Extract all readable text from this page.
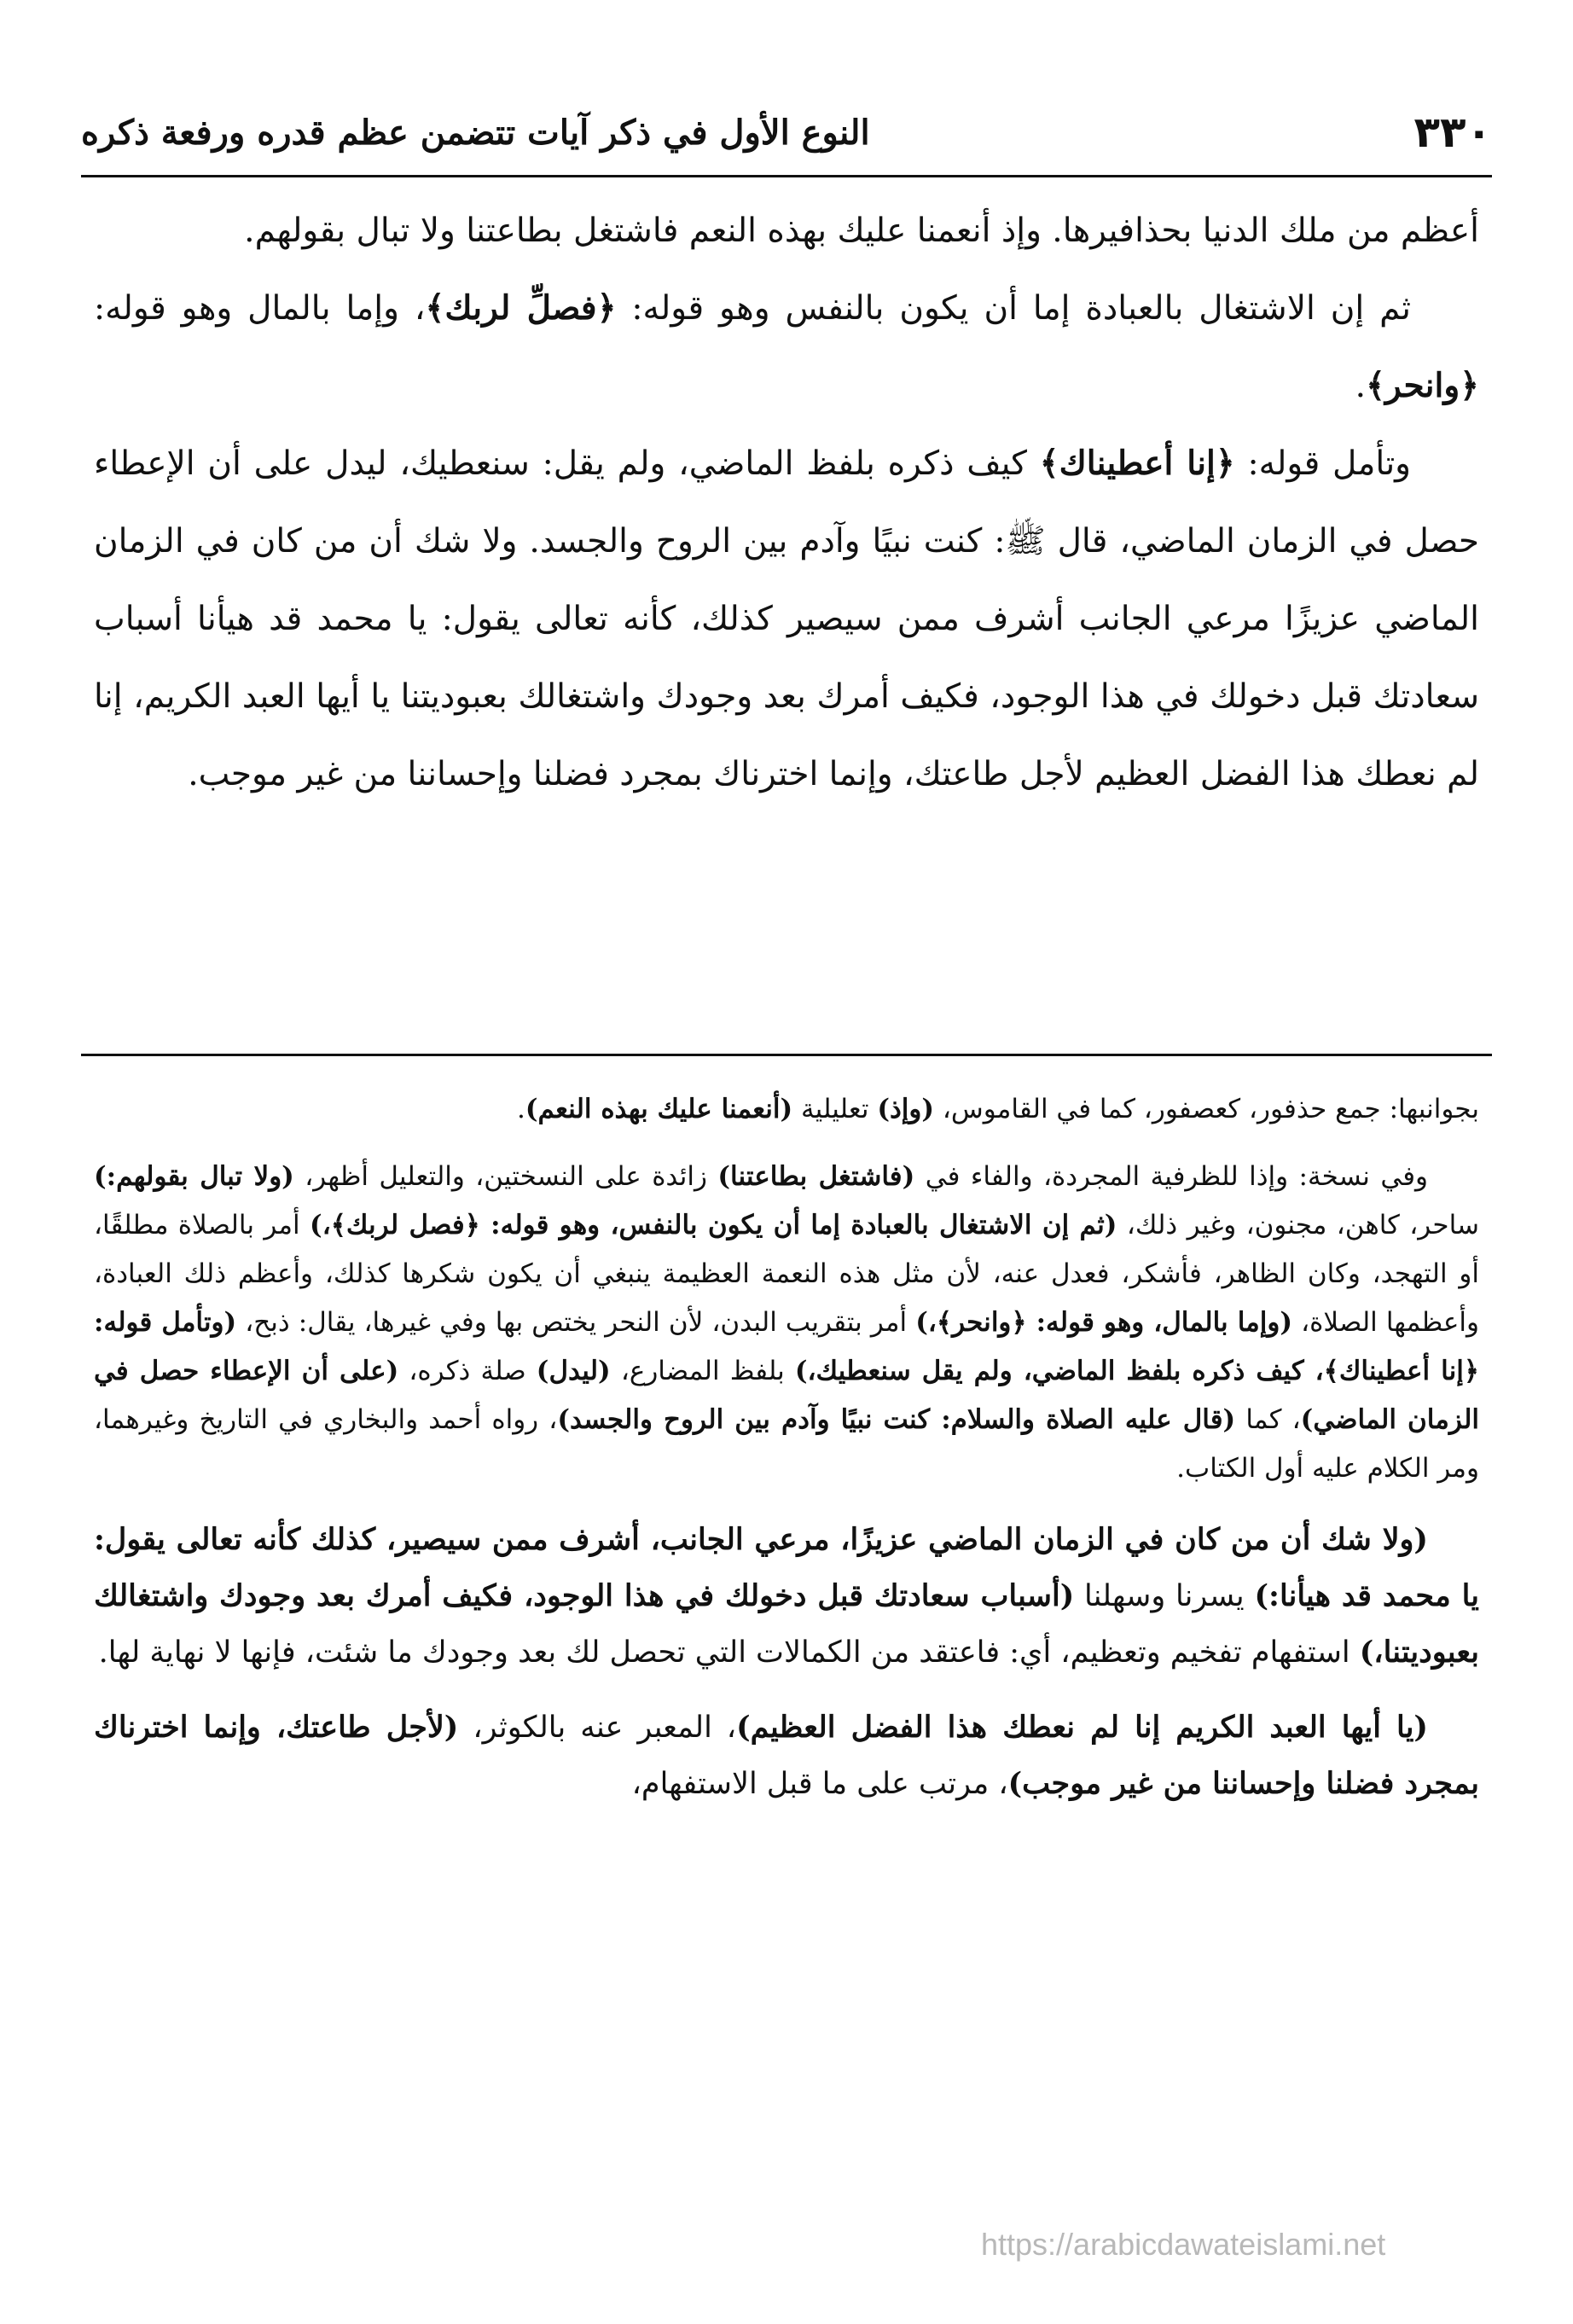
٣٣٠
النوع الأول في ذكر آيات تتضمن عظم قدره ورفعة ذكره

أعظم من ملك الدنيا بحذافيرها. وإذ أنعمنا عليك بهذه النعم فاشتغل بطاعتنا ولا تبال بقولهم.

ثم إن الاشتغال بالعبادة إما أن يكون بالنفس وهو قوله: ﴿فصلِّ لربك﴾، وإما بالمال وهو قوله: ﴿وانحر﴾.

وتأمل قوله: ﴿إنا أعطيناك﴾ كيف ذكره بلفظ الماضي، ولم يقل: سنعطيك، ليدل على أن الإعطاء حصل في الزمان الماضي، قال ﷺ: كنت نبيًا وآدم بين الروح والجسد. ولا شك أن من كان في الزمان الماضي عزيزًا مرعي الجانب أشرف ممن سيصير كذلك، كأنه تعالى يقول: يا محمد قد هيأنا أسباب سعادتك قبل دخولك في هذا الوجود، فكيف أمرك بعد وجودك واشتغالك بعبوديتنا يا أيها العبد الكريم، إنا لم نعطك هذا الفضل العظيم لأجل طاعتك، وإنما اخترناك بمجرد فضلنا وإحساننا من غير موجب.

بجوانبها: جمع حذفور، كعصفور، كما في القاموس، (وإذ) تعليلية (أنعمنا عليك بهذه النعم).

وفي نسخة: وإذا للظرفية المجردة، والفاء في (فاشتغل بطاعتنا) زائدة على النسختين، والتعليل أظهر، (ولا تبال بقولهم:) ساحر، كاهن، مجنون، وغير ذلك، (ثم إن الاشتغال بالعبادة إما أن يكون بالنفس، وهو قوله: ﴿فصل لربك﴾،) أمر بالصلاة مطلقًا، أو التهجد، وكان الظاهر، فأشكر، فعدل عنه، لأن مثل هذه النعمة العظيمة ينبغي أن يكون شكرها كذلك، وأعظم ذلك العبادة، وأعظمها الصلاة، (وإما بالمال، وهو قوله: ﴿وانحر﴾،) أمر بتقريب البدن، لأن النحر يختص بها وفي غيرها، يقال: ذبح، (وتأمل قوله: ﴿إنا أعطيناك﴾، كيف ذكره بلفظ الماضي، ولم يقل سنعطيك،) بلفظ المضارع، (ليدل) صلة ذكره، (على أن الإعطاء حصل في الزمان الماضي)، كما (قال عليه الصلاة والسلام: كنت نبيًا وآدم بين الروح والجسد)، رواه أحمد والبخاري في التاريخ وغيرهما، ومر الكلام عليه أول الكتاب.

(ولا شك أن من كان في الزمان الماضي عزيزًا، مرعي الجانب، أشرف ممن سيصير، كذلك كأنه تعالى يقول: يا محمد قد هيأنا:) يسرنا وسهلنا (أسباب سعادتك قبل دخولك في هذا الوجود، فكيف أمرك بعد وجودك واشتغالك بعبوديتنا،) استفهام تفخيم وتعظيم، أي: فاعتقد من الكمالات التي تحصل لك بعد وجودك ما شئت، فإنها لا نهاية لها.

(يا أيها العبد الكريم إنا لم نعطك هذا الفضل العظيم)، المعبر عنه بالكوثر، (لأجل طاعتك، وإنما اخترناك بمجرد فضلنا وإحساننا من غير موجب)، مرتب على ما قبل الاستفهام،

https://arabicdawateislami.net
